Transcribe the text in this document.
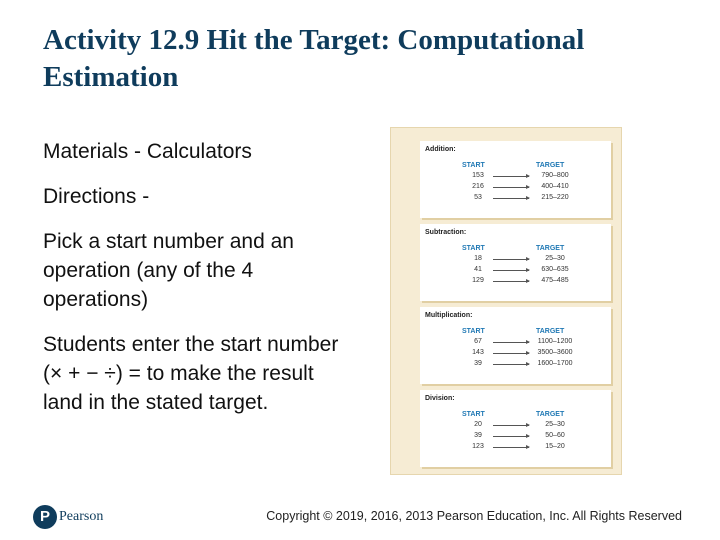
Activity 12.9 Hit the Target: Computational Estimation

Materials - Calculators

Directions -

Pick a start number and an operation (any of the 4 operations)

Students enter the start number (× + − ÷) = to make the result land in the stated target.

Addition:
START	TARGET
153	790–800
216	400–410
53	215–220
Subtraction:
START	TARGET
18	25–30
41	630–635
129	475–485
Multiplication:
START	TARGET
67	1100–1200
143	3500–3600
39	1600–1700
Division:
START	TARGET
20	25–30
39	50–60
123	15–20
P Pearson	Copyright © 2019, 2016, 2013 Pearson Education, Inc. All Rights Reserved
